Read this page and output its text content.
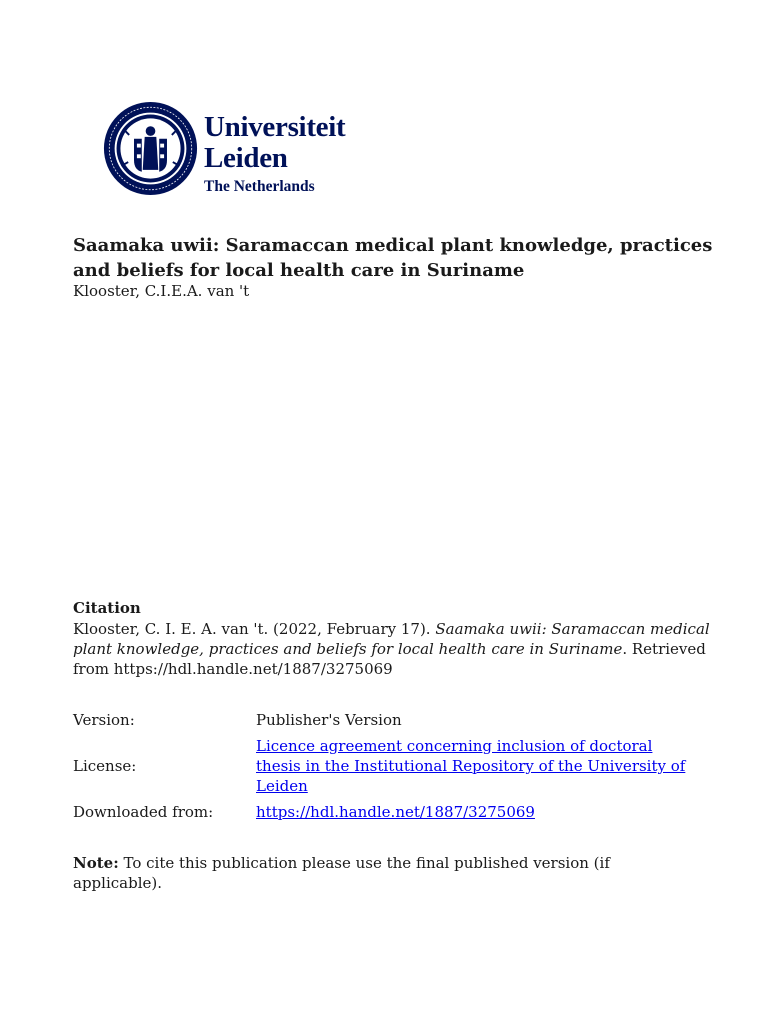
Universiteit
Leiden
The Netherlands
Saamaka uwii: Saramaccan medical plant knowledge, practices and beliefs for local health care in Suriname
Klooster, C.I.E.A. van 't
Citation
Klooster, C. I. E. A. van 't. (2022, February 17). Saamaka uwii: Saramaccan medical plant knowledge, practices and beliefs for local health care in Suriname. Retrieved from https://hdl.handle.net/1887/3275069
Version:	Publisher's Version
License:
Licence agreement concerning inclusion of doctoral thesis in the Institutional Repository of the University of Leiden
Downloaded from:	https://hdl.handle.net/1887/3275069
Note: To cite this publication please use the final published version (if applicable).
